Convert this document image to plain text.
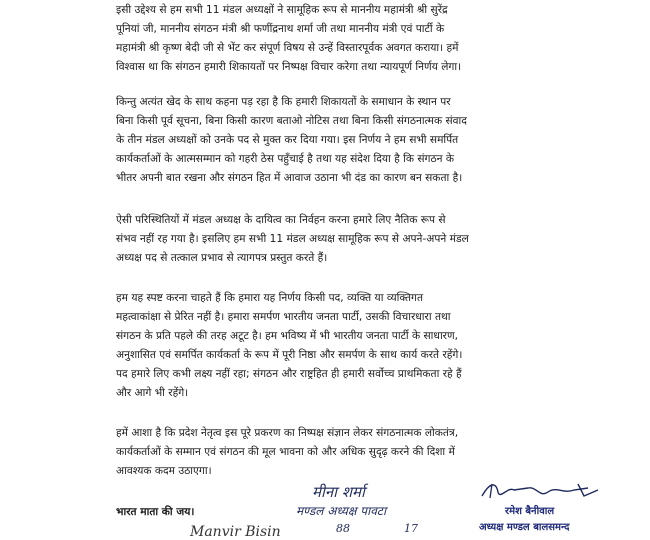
इसी उद्देश्य से हम सभी 11 मंडल अध्यक्षों ने सामूहिक रूप से माननीय महामंत्री श्री सुरेंद्र
पूनियां जी, माननीय संगठन मंत्री श्री फणींद्रनाथ शर्मा जी तथा माननीय मंत्री एवं पार्टी के
महामंत्री श्री कृष्ण बेदी जी से भेंट कर संपूर्ण विषय से उन्हें विस्तारपूर्वक अवगत कराया। हमें
विश्वास था कि संगठन हमारी शिकायतों पर निष्पक्ष विचार करेगा तथा न्यायपूर्ण निर्णय लेगा।
किन्तु अत्यंत खेद के साथ कहना पड़ रहा है कि हमारी शिकायतों के समाधान के स्थान पर
बिना किसी पूर्व सूचना, बिना किसी कारण बताओ नोटिस तथा बिना किसी संगठनात्मक संवाद
के तीन मंडल अध्यक्षों को उनके पद से मुक्त कर दिया गया। इस निर्णय ने हम सभी समर्पित
कार्यकर्ताओं के आत्मसम्मान को गहरी ठेस पहुँचाई है तथा यह संदेश दिया है कि संगठन के
भीतर अपनी बात रखना और संगठन हित में आवाज उठाना भी दंड का कारण बन सकता है।
ऐसी परिस्थितियों में मंडल अध्यक्ष के दायित्व का निर्वहन करना हमारे लिए नैतिक रूप से
संभव नहीं रह गया है। इसलिए हम सभी 11 मंडल अध्यक्ष सामूहिक रूप से अपने-अपने मंडल
अध्यक्ष पद से तत्काल प्रभाव से त्यागपत्र प्रस्तुत करते हैं।
हम यह स्पष्ट करना चाहते हैं कि हमारा यह निर्णय किसी पद, व्यक्ति या व्यक्तिगत
महत्वाकांक्षा से प्रेरित नहीं है। हमारा समर्पण भारतीय जनता पार्टी, उसकी विचारधारा तथा
संगठन के प्रति पहले की तरह अटूट है। हम भविष्य में भी भारतीय जनता पार्टी के साधारण,
अनुशासित एवं समर्पित कार्यकर्ता के रूप में पूरी निष्ठा और समर्पण के साथ कार्य करते रहेंगे।
पद हमारे लिए कभी लक्ष्य नहीं रहा; संगठन और राष्ट्रहित ही हमारी सर्वोच्च प्राथमिकता रहे हैं
और आगे भी रहेंगे।
हमें आशा है कि प्रदेश नेतृत्व इस पूरे प्रकरण का निष्पक्ष संज्ञान लेकर संगठनात्मक लोकतंत्र,
कार्यकर्ताओं के सम्मान एवं संगठन की मूल भावना को और अधिक सुदृढ़ करने की दिशा में
आवश्यक कदम उठाएगा।
भारत माता की जय।
मीना शर्मा
मण्डल अध्यक्ष पावटा
88	17
रमेश बैनीवाल
अध्यक्ष मण्डल बालसमन्द
Manvir Bisin
